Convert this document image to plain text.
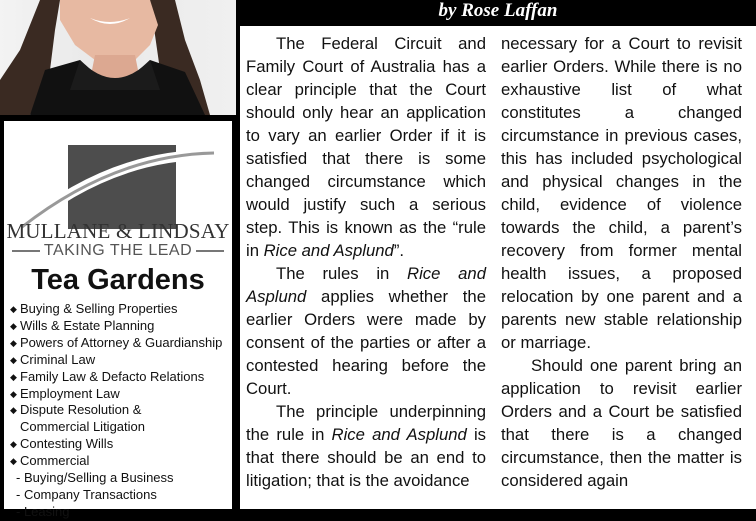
MULLANE & LINDSAY
TAKING THE LEAD
Tea Gardens
◆ Buying & Selling Properties
◆ Wills & Estate Planning
◆ Powers of Attorney & Guardianship
◆ Criminal Law
◆ Family Law & Defacto Relations
◆ Employment Law
◆ Dispute Resolution &
Commercial Litigation
◆ Contesting Wills
◆ Commercial
- Buying/Selling a Business
- Company Transactions
- Leasing
by Rose Laffan

The Federal Circuit and Family Court of Australia has a clear principle that the Court should only hear an application to vary an earlier Order if it is satisfied that there is some changed circumstance which would justify such a serious step. This is known as the “rule in Rice and Asplund”.

The rules in Rice and Asplund applies whether the earlier Orders were made by consent of the parties or after a contested hearing before the Court.

The principle underpinning the rule in Rice and Asplund is that there should be an end to litigation; that is the avoidance

necessary for a Court to revisit earlier Orders. While there is no exhaustive list of what constitutes a changed circumstance in previous cases, this has included psychological and physical changes in the child, evidence of violence towards the child, a parent’s recovery from former mental health issues, a proposed relocation by one parent and a parents new stable relationship or marriage.

Should one parent bring an application to revisit earlier Orders and a Court be satisfied that there is a changed circumstance, then the matter is considered again
